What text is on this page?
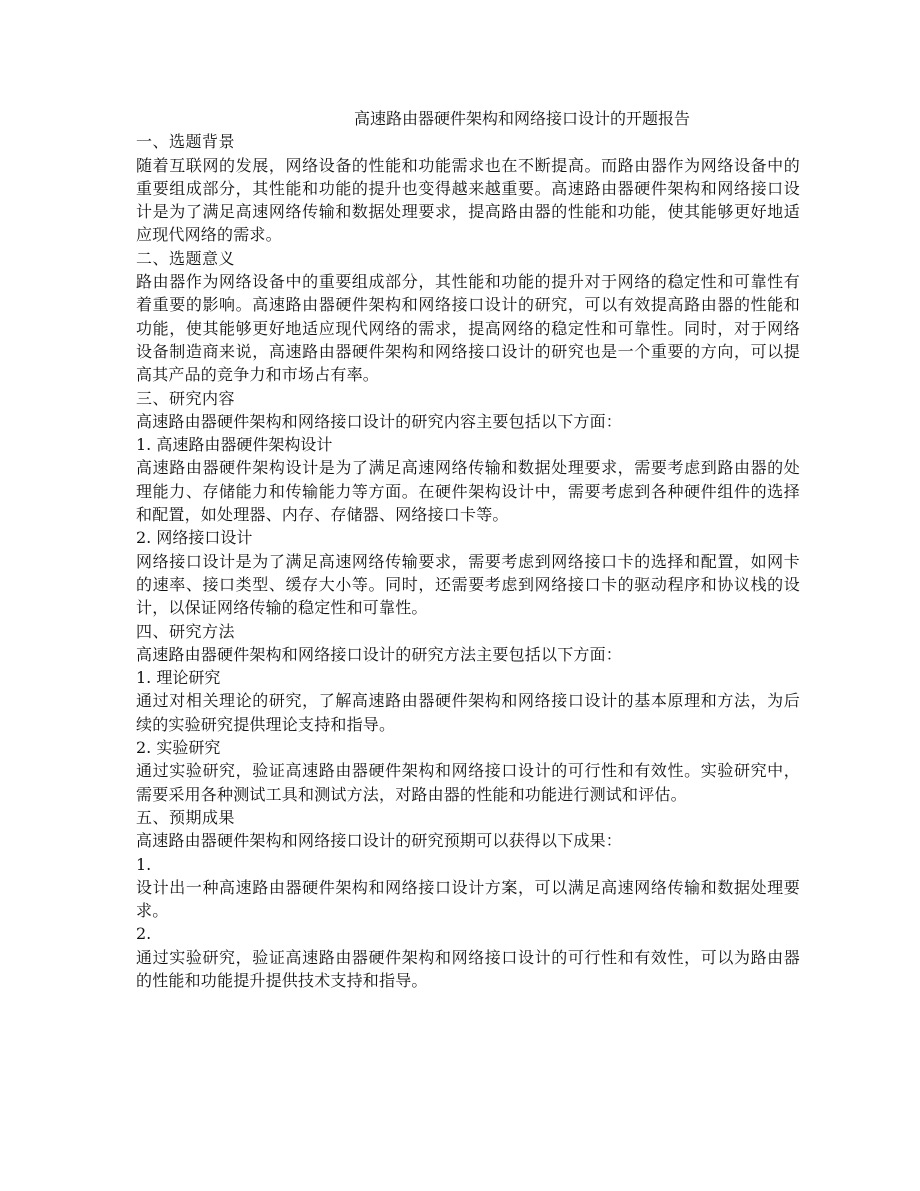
高速路由器硬件架构和网络接口设计的开题报告

一、选题背景

随着互联网的发展，网络设备的性能和功能需求也在不断提高。而路由器作为网络设备中的重要组成部分，其性能和功能的提升也变得越来越重要。高速路由器硬件架构和网络接口设计是为了满足高速网络传输和数据处理要求，提高路由器的性能和功能，使其能够更好地适应现代网络的需求。

二、选题意义

路由器作为网络设备中的重要组成部分，其性能和功能的提升对于网络的稳定性和可靠性有着重要的影响。高速路由器硬件架构和网络接口设计的研究，可以有效提高路由器的性能和功能，使其能够更好地适应现代网络的需求，提高网络的稳定性和可靠性。同时，对于网络设备制造商来说，高速路由器硬件架构和网络接口设计的研究也是一个重要的方向，可以提高其产品的竞争力和市场占有率。

三、研究内容

高速路由器硬件架构和网络接口设计的研究内容主要包括以下方面：

1. 高速路由器硬件架构设计

高速路由器硬件架构设计是为了满足高速网络传输和数据处理要求，需要考虑到路由器的处理能力、存储能力和传输能力等方面。在硬件架构设计中，需要考虑到各种硬件组件的选择和配置，如处理器、内存、存储器、网络接口卡等。

2. 网络接口设计

网络接口设计是为了满足高速网络传输要求，需要考虑到网络接口卡的选择和配置，如网卡的速率、接口类型、缓存大小等。同时，还需要考虑到网络接口卡的驱动程序和协议栈的设计，以保证网络传输的稳定性和可靠性。

四、研究方法

高速路由器硬件架构和网络接口设计的研究方法主要包括以下方面：

1. 理论研究

通过对相关理论的研究，了解高速路由器硬件架构和网络接口设计的基本原理和方法，为后续的实验研究提供理论支持和指导。

2. 实验研究

通过实验研究，验证高速路由器硬件架构和网络接口设计的可行性和有效性。实验研究中，需要采用各种测试工具和测试方法，对路由器的性能和功能进行测试和评估。

五、预期成果

高速路由器硬件架构和网络接口设计的研究预期可以获得以下成果：

1.

设计出一种高速路由器硬件架构和网络接口设计方案，可以满足高速网络传输和数据处理要求。

2.

通过实验研究，验证高速路由器硬件架构和网络接口设计的可行性和有效性，可以为路由器的性能和功能提升提供技术支持和指导。
